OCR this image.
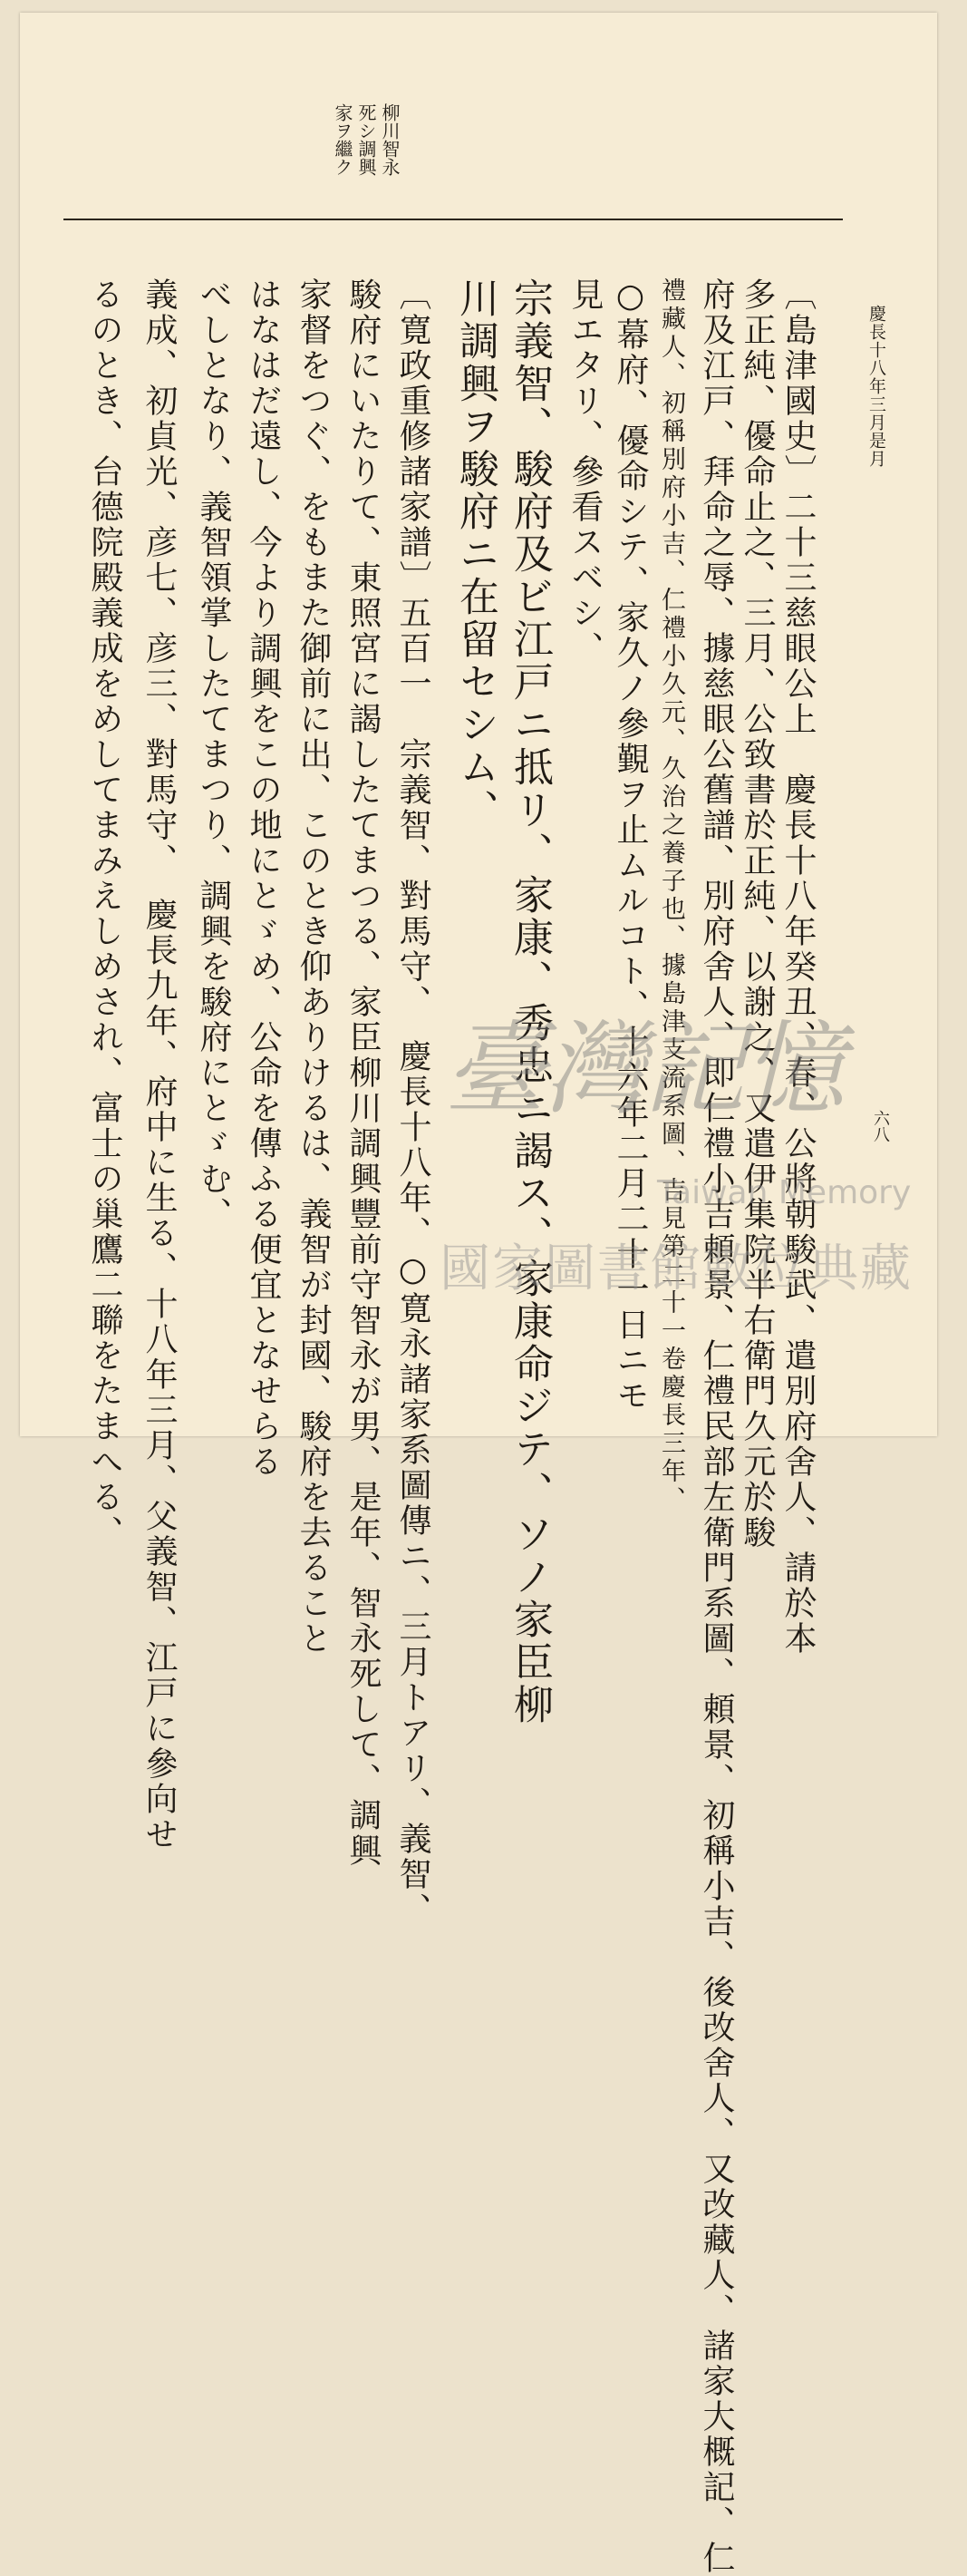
慶長十八年三月是月
六八
柳川智永
死シ調興
家ヲ繼ク
〔島津國史〕二十三慈眼公上　慶長十八年癸丑、春、公將朝駿武、遣別府舍人、請於本
多正純、優命止之、三月、公致書於正純、以謝之、又遣伊集院半右衛門久元於駿
府及江戸、拜命之辱、據慈眼公舊譜、別府舍人、即仁禮小吉頼景、仁禮民部左衛門系圖、頼景、初稱小吉、後改舍人、又改藏人、諸家大概記、仁
禮藏人、初稱別府小吉、仁禮小久元、久治之養子也、據島津支流系圖、吉見第二十一卷慶長三年、
○幕府、優命シテ、家久ノ參覲ヲ止ムルコト、十六年二月二十一日ニモ
見エタリ、參看スベシ、
宗義智、駿府及ビ江戸ニ抵リ、家康、秀忠ニ謁ス、家康命ジテ、ソノ家臣柳
川調興ヲ駿府ニ在留セシム、
〔寛政重修諸家譜〕五百一　宗義智、對馬守、　慶長十八年、○寛永諸家系圖傳ニ、三月トアリ、義智、
駿府にいたりて、東照宮に謁したてまつる、家臣柳川調興豐前守智永が男、是年、智永死して、調興
家督をつぐ、をもまた御前に出、このとき仰ありけるは、義智が封國、駿府を去ること
はなはだ遠し、今より調興をこの地にとゞめ、公命を傳ふる便宜となせらる
べしとなり、義智領掌したてまつり、調興を駿府にとゞむ、
義成、初貞光、彦七、彦三、對馬守、　慶長九年、府中に生る、十八年三月、父義智、江戸に參向せ
るのとき、台德院殿義成をめしてまみえしめされ、富士の巢鷹二聯をたまへる、	臺灣記憶
Taiwan Memory
國家圖書館數位典藏
